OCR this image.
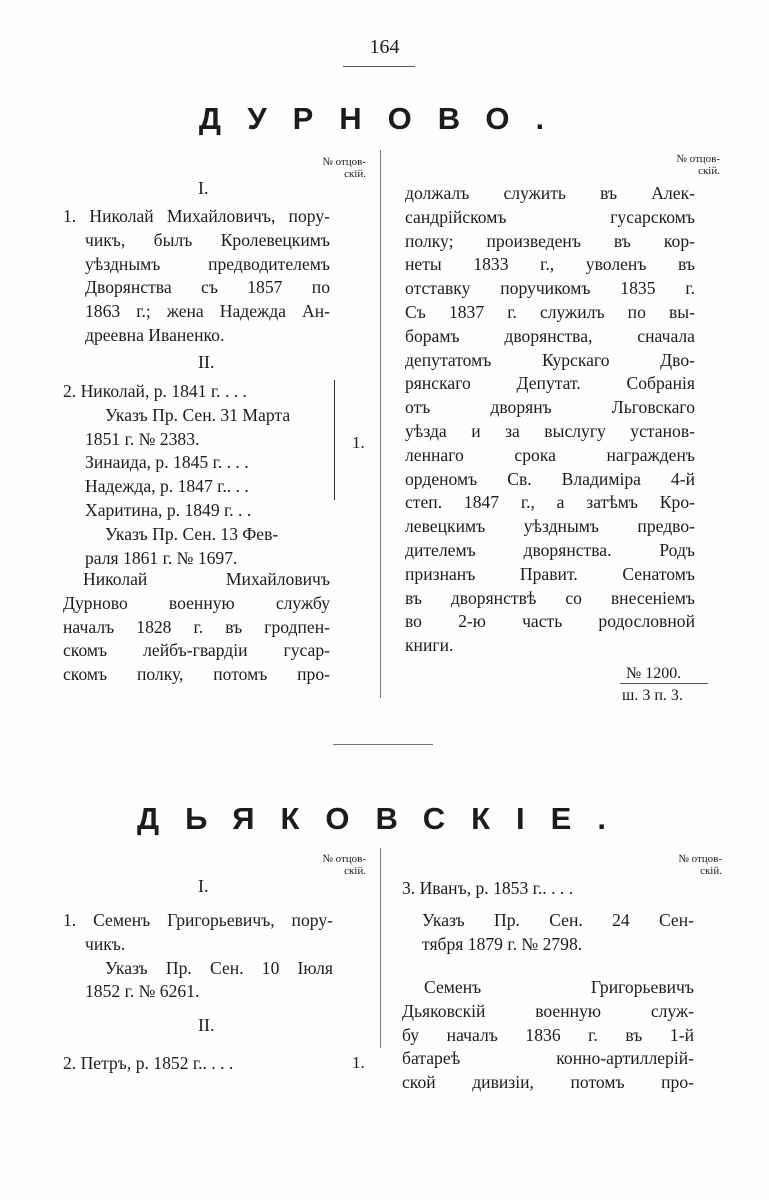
164
ДУРНОВО.
№ отцов-
скій.
№ отцов-
скій.
I.
1. Николай Михайловичъ, пору-
чикъ, былъ Кролевецкимъ
уѣзднымъ предводителемъ
Дворянства съ 1857 по
1863 г.; жена Надежда Ан-
дреевна Иваненко.
II.
2. Николай, р. 1841 г. . . .
Указъ Пр. Сен. 31 Марта
1851 г. № 2383.
Зинаида, р. 1845 г. . . .
Надежда, р. 1847 г.. . .
Харитина, р. 1849 г. . .
Указъ Пр. Сен. 13 Фев-
раля 1861 г. № 1697.
1.
Николай Михайловичъ
Дурново военную службу
началъ 1828 г. въ гродпен-
скомъ лейбъ-гвардіи гусар-
скомъ полку, потомъ про-
должалъ служить въ Алек-
сандрійскомъ гусарскомъ
полку; произведенъ въ кор-
неты 1833 г., уволенъ въ
отставку поручикомъ 1835 г.
Съ 1837 г. служилъ по вы-
борамъ дворянства, сначала
депутатомъ Курскаго Дво-
рянскаго Депутат. Собранія
отъ дворянъ Льговскаго
уѣзда и за выслугу установ-
леннаго срока награжденъ
орденомъ Св. Владиміра 4-й
степ. 1847 г., а затѣмъ Кро-
левецкимъ уѣзднымъ предво-
дителемъ дворянства. Родъ
признанъ Правит. Сенатомъ
въ дворянствѣ со внесеніемъ
во 2-ю часть родословной
книги.
№ 1200.
ш. 3 п. 3.
ДЬЯКОВСКІЕ.
№ отцов-
скій.
№ отцов-
скій.
I.
1. Семенъ Григорьевичъ, пору-
чикъ.
Указъ Пр. Сен. 10 Іюля
1852 г. № 6261.
II.
2. Петръ, р. 1852 г.. . . .	1.
3. Иванъ, р. 1853 г.. . . .
Указъ Пр. Сен. 24 Сен-
тября 1879 г. № 2798.
Семенъ Григорьевичъ
Дьяковскій военную служ-
бу началъ 1836 г. въ 1-й
батареѣ конно-артиллерій-
ской дивизіи, потомъ про-
